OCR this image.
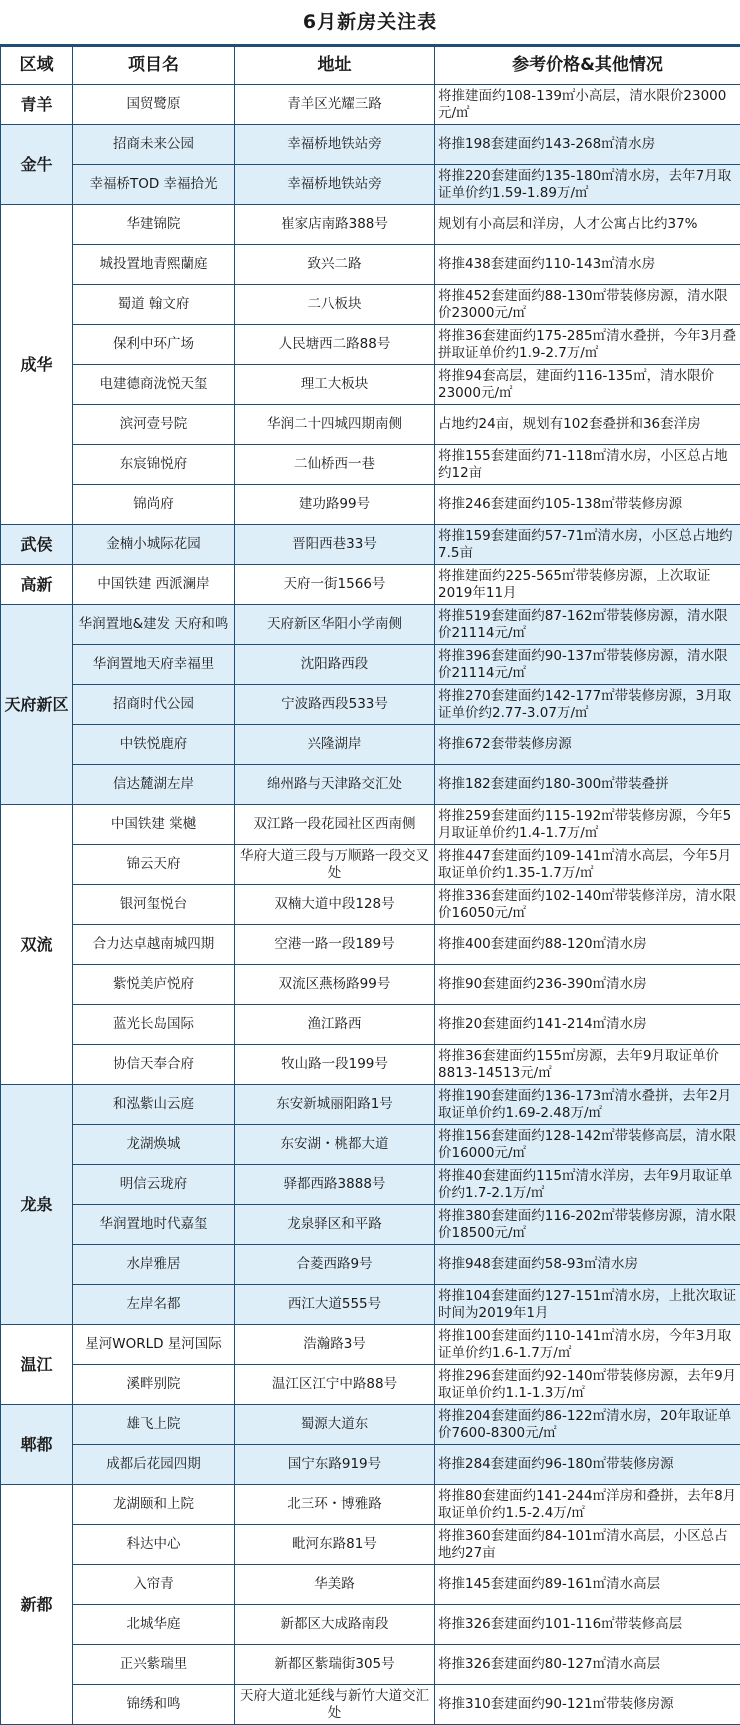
6月新房关注表
区域	项目名	地址	参考价格&其他情况
青羊	国贸鹭原	青羊区光耀三路	将推建面约108-139㎡小高层，清水限价23000元/㎡
金牛	招商未来公园	幸福桥地铁站旁	将推198套建面约143-268㎡清水房
	幸福桥TOD 幸福拾光	幸福桥地铁站旁	将推220套建面约135-180㎡清水房，去年7月取证单价约1.59-1.89万/㎡
成华	华建锦院	崔家店南路388号	规划有小高层和洋房，人才公寓占比约37%
	城投置地青熙蘭庭	致兴二路	将推438套建面约110-143㎡清水房
	蜀道 翰文府	二八板块	将推452套建面约88-130㎡带装修房源，清水限价23000元/㎡
	保利中环广场	人民塘西二路88号	将推36套建面约175-285㎡清水叠拼，今年3月叠拼取证单价约1.9-2.7万/㎡
	电建德商泷悦天玺	理工大板块	将推94套高层，建面约116-135㎡，清水限价23000元/㎡
	滨河壹号院	华润二十四城四期南侧	占地约24亩，规划有102套叠拼和36套洋房
	东宸锦悦府	二仙桥西一巷	将推155套建面约71-118㎡清水房，小区总占地约12亩
	锦尚府	建功路99号	将推246套建面约105-138㎡带装修房源
武侯	金楠小城际花园	晋阳西巷33号	将推159套建面约57-71㎡清水房，小区总占地约7.5亩
高新	中国铁建 西派澜岸	天府一街1566号	将推建面约225-565㎡带装修房源，上次取证2019年11月
天府新区	华润置地&建发 天府和鸣	天府新区华阳小学南侧	将推519套建面约87-162㎡带装修房源，清水限价21114元/㎡
	华润置地天府幸福里	沈阳路西段	将推396套建面约90-137㎡带装修房源，清水限价21114元/㎡
	招商时代公园	宁波路西段533号	将推270套建面约142-177㎡带装修房源，3月取证单价约2.77-3.07万/㎡
	中铁悦鹿府	兴隆湖岸	将推672套带装修房源
	信达麓湖左岸	绵州路与天津路交汇处	将推182套建面约180-300㎡带装叠拼
双流	中国铁建 棠樾	双江路一段花园社区西南侧	将推259套建面约115-192㎡带装修房源，今年5月取证单价约1.4-1.7万/㎡
	锦云天府	华府大道三段与万顺路一段交叉处	将推447套建面约109-141㎡清水高层，今年5月取证单价约1.35-1.7万/㎡
	银河玺悦台	双楠大道中段128号	将推336套建面约102-140㎡带装修洋房，清水限价16050元/㎡
	合力达卓越南城四期	空港一路一段189号	将推400套建面约88-120㎡清水房
	紫悦美庐悦府	双流区燕杨路99号	将推90套建面约236-390㎡清水房
	蓝光长岛国际	渔江路西	将推20套建面约141-214㎡清水房
	协信天奉合府	牧山路一段199号	将推36套建面约155㎡房源，去年9月取证单价8813-14513元/㎡
龙泉	和泓紫山云庭	东安新城丽阳路1号	将推190套建面约136-173㎡清水叠拼，去年2月取证单价约1.69-2.48万/㎡
	龙湖焕城	东安湖・桃都大道	将推156套建面约128-142㎡带装修高层，清水限价16000元/㎡
	明信云珑府	驿都西路3888号	将推40套建面约115㎡清水洋房，去年9月取证单价约1.7-2.1万/㎡
	华润置地时代嘉玺	龙泉驿区和平路	将推380套建面约116-202㎡带装修房源，清水限价18500元/㎡
	水岸雅居	合菱西路9号	将推948套建面约58-93㎡清水房
	左岸名都	西江大道555号	将推104套建面约127-151㎡清水房，上批次取证时间为2019年1月
温江	星河WORLD 星河国际	浩瀚路3号	将推100套建面约110-141㎡清水房，今年3月取证单价约1.6-1.7万/㎡
	溪畔别院	温江区江宁中路88号	将推296套建面约92-140㎡带装修房源，去年9月取证单价约1.1-1.3万/㎡
郫都	雄飞上院	蜀源大道东	将推204套建面约86-122㎡清水房，20年取证单价7600-8300元/㎡
	成都后花园四期	国宁东路919号	将推284套建面约96-180㎡带装修房源
新都	龙湖颐和上院	北三环・博雅路	将推80套建面约141-244㎡洋房和叠拼，去年8月取证单价约1.5-2.4万/㎡
	科达中心	毗河东路81号	将推360套建面约84-101㎡清水高层，小区总占地约27亩
	入帘青	华美路	将推145套建面约89-161㎡清水高层
	北城华庭	新都区大成路南段	将推326套建面约101-116㎡带装修高层
	正兴紫瑞里	新都区紫瑞街305号	将推326套建面约80-127㎡清水高层
	锦绣和鸣	天府大道北延线与新竹大道交汇处	将推310套建面约90-121㎡带装修房源
